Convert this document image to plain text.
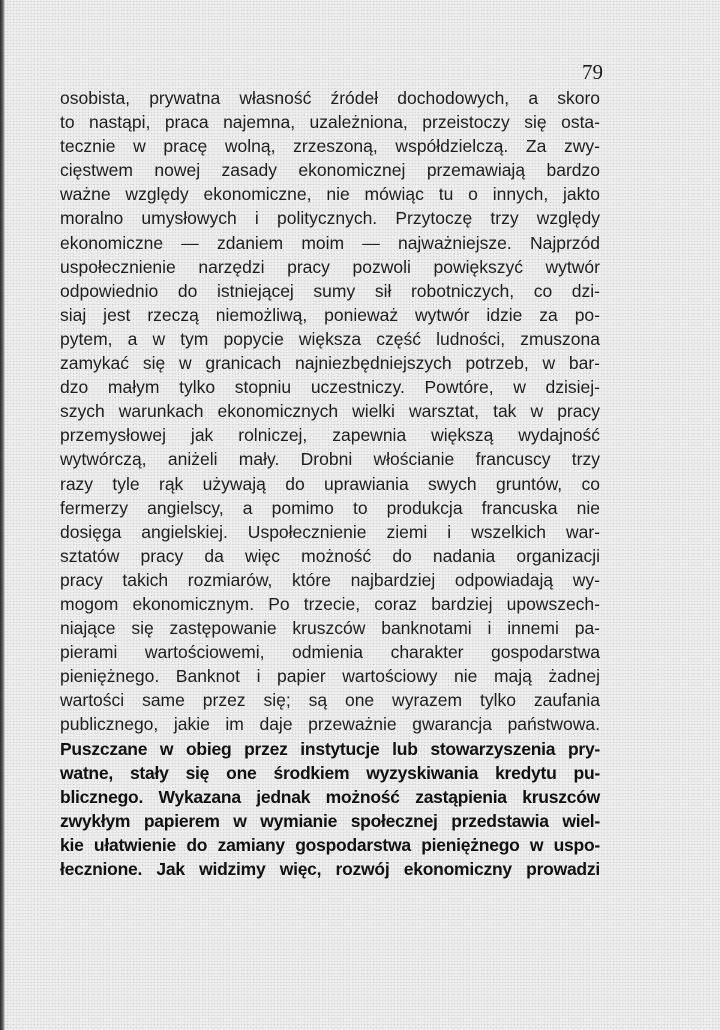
79
osobista, prywatna własność źródeł dochodowych, a skoro
to nastąpi, praca najemna, uzależniona, przeistoczy się osta-
tecznie w pracę wolną, zrzeszoną, współdzielczą. Za zwy-
cięstwem nowej zasady ekonomicznej przemawiają bardzo
ważne względy ekonomiczne, nie mówiąc tu o innych, jakto
moralno umysłowych i politycznych. Przytoczę trzy względy
ekonomiczne — zdaniem moim — najważniejsze. Najprzód
uspołecznienie narzędzi pracy pozwoli powiększyć wytwór
odpowiednio do istniejącej sumy sił robotniczych, co dzi-
siaj jest rzeczą niemożliwą, ponieważ wytwór idzie za po-
pytem, a w tym popycie większa część ludności, zmuszona
zamykać się w granicach najniezbędniejszych potrzeb, w bar-
dzo małym tylko stopniu uczestniczy. Powtóre, w dzisiej-
szych warunkach ekonomicznych wielki warsztat, tak w pracy
przemysłowej jak rolniczej, zapewnia większą wydajność
wytwórczą, aniżeli mały. Drobni włościanie francuscy trzy
razy tyle rąk używają do uprawiania swych gruntów, co
fermerzy angielscy, a pomimo to produkcja francuska nie
dosięga angielskiej. Uspołecznienie ziemi i wszelkich war-
sztatów pracy da więc możność do nadania organizacji
pracy takich rozmiarów, które najbardziej odpowiadają wy-
mogom ekonomicznym. Po trzecie, coraz bardziej upowszech-
niające się zastępowanie kruszców banknotami i innemi pa-
pierami wartościowemi, odmienia charakter gospodarstwa
pieniężnego. Banknot i papier wartościowy nie mają żadnej
wartości same przez się; są one wyrazem tylko zaufania
publicznego, jakie im daje przeważnie gwarancja państwowa.
Puszczane w obieg przez instytucje lub stowarzyszenia pry-
watne, stały się one środkiem wyzyskiwania kredytu pu-
blicznego. Wykazana jednak możność zastąpienia kruszców
zwykłym papierem w wymianie społecznej przedstawia wiel-
kie ułatwienie do zamiany gospodarstwa pieniężnego w uspo-
łecznione. Jak widzimy więc, rozwój ekonomiczny prowadzi
